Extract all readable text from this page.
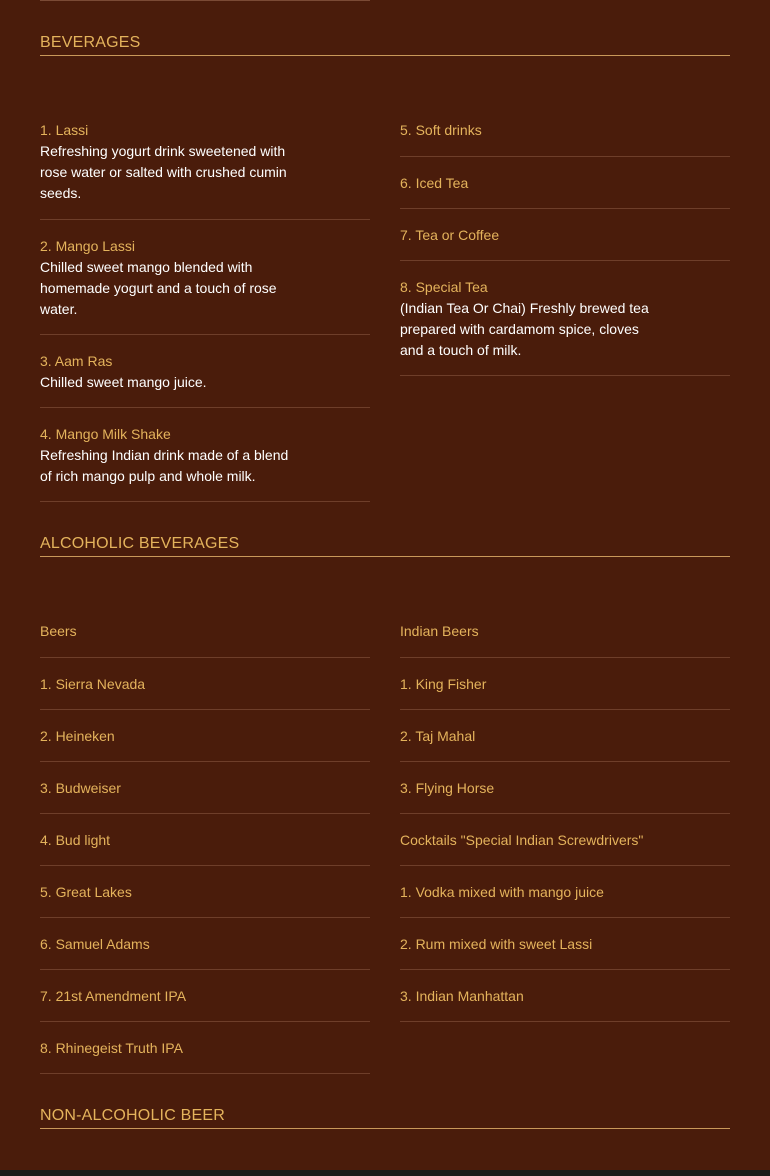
BEVERAGES
1. Lassi
Refreshing yogurt drink sweetened with rose water or salted with crushed cumin seeds.
2. Mango Lassi
Chilled sweet mango blended with homemade yogurt and a touch of rose water.
3. Aam Ras
Chilled sweet mango juice.
4. Mango Milk Shake
Refreshing Indian drink made of a blend of rich mango pulp and whole milk.
5. Soft drinks
6. Iced Tea
7. Tea or Coffee
8. Special Tea
(Indian Tea Or Chai) Freshly brewed tea prepared with cardamom spice, cloves and a touch of milk.
ALCOHOLIC BEVERAGES
Beers
1. Sierra Nevada
2. Heineken
3. Budweiser
4. Bud light
5. Great Lakes
6. Samuel Adams
7. 21st Amendment IPA
8. Rhinegeist Truth IPA
Indian Beers
1. King Fisher
2. Taj Mahal
3. Flying Horse
Cocktails "Special Indian Screwdrivers"
1. Vodka mixed with mango juice
2. Rum mixed with sweet Lassi
3. Indian Manhattan
NON-ALCOHOLIC BEER
